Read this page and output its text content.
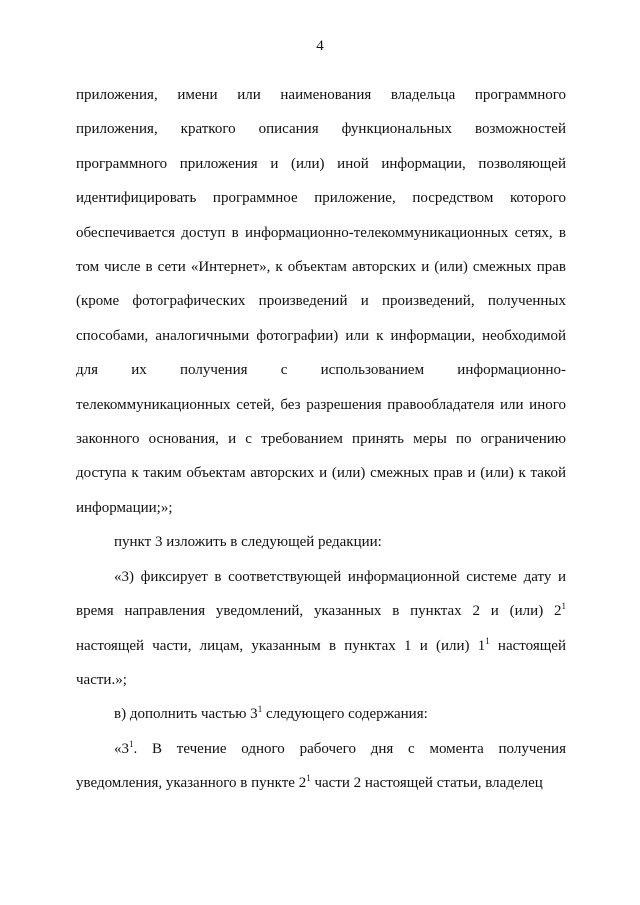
4

приложения, имени или наименования владельца программного приложения, краткого описания функциональных возможностей программного приложения и (или) иной информации, позволяющей идентифицировать программное приложение, посредством которого обеспечивается доступ в информационно-телекоммуникационных сетях, в том числе в сети «Интернет», к объектам авторских и (или) смежных прав (кроме фотографических произведений и произведений, полученных способами, аналогичными фотографии) или к информации, необходимой для их получения с использованием информационно-телекоммуникационных сетей, без разрешения правообладателя или иного законного основания, и с требованием принять меры по ограничению доступа к таким объектам авторских и (или) смежных прав и (или) к такой информации;»;

пункт 3 изложить в следующей редакции:

«3) фиксирует в соответствующей информационной системе дату и время направления уведомлений, указанных в пунктах 2 и (или) $2^1$ настоящей части, лицам, указанным в пунктах 1 и (или) $1^1$ настоящей части.»;

в) дополнить частью $3^1$ следующего содержания:

«$3^1$. В течение одного рабочего дня с момента получения уведомления, указанного в пункте $2^1$ части 2 настоящей статьи, владелец
